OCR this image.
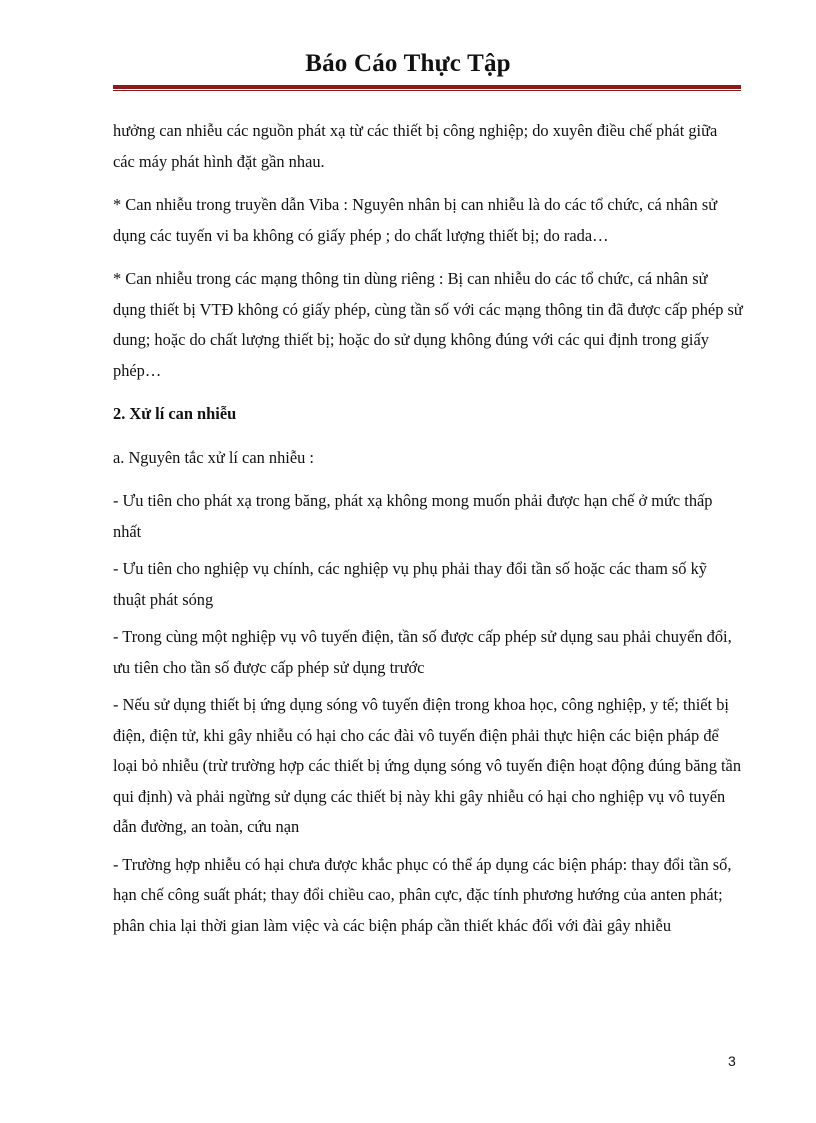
Báo Cáo Thực Tập

hưởng can nhiễu các nguồn phát xạ từ các thiết bị công nghiệp; do xuyên điều chế phát giữa các máy phát hình đặt gần nhau.

* Can nhiễu trong truyền dẫn Viba : Nguyên nhân bị can nhiễu là do các tổ chức, cá nhân sử dụng các tuyến vi ba không có giấy phép ; do chất lượng thiết bị; do rada…

* Can nhiễu trong các mạng thông tin dùng riêng : Bị can nhiễu do các tổ chức, cá nhân sử dụng thiết bị VTĐ không có giấy phép, cùng tần số với các mạng thông tin đã được cấp phép sử dung; hoặc do chất lượng thiết bị; hoặc do sử dụng không đúng với các qui định trong giấy phép…

2. Xử lí can nhiễu

a. Nguyên tắc xử lí can nhiễu :

- Ưu tiên cho phát xạ trong băng, phát xạ không mong muốn phải được hạn chế ở mức thấp nhất

- Ưu tiên cho nghiệp vụ chính, các nghiệp vụ phụ phải thay đổi tần số hoặc các tham số kỹ thuật phát sóng

- Trong cùng một nghiệp vụ vô tuyến điện, tần số được cấp phép sử dụng sau phải chuyển đổi, ưu tiên cho tần số được cấp phép sử dụng trước

- Nếu sử dụng thiết bị ứng dụng sóng vô tuyến điện trong khoa học, công nghiệp, y tế; thiết bị điện, điện tử, khi gây nhiễu có hại cho các đài vô tuyến điện phải thực hiện các biện pháp để loại bỏ nhiễu (trừ trường hợp các thiết bị ứng dụng sóng vô tuyến điện hoạt động đúng băng tần qui định) và phải ngừng sử dụng các thiết bị này khi gây nhiễu có hại cho nghiệp vụ vô tuyến dẫn đường, an toàn, cứu nạn

- Trường hợp nhiễu có hại chưa được khắc phục có thể áp dụng các biện pháp: thay đổi tần số, hạn chế công suất phát; thay đổi chiều cao, phân cực, đặc tính phương hướng của anten phát; phân chia lại thời gian làm việc và các biện pháp cần thiết khác đối với đài gây nhiễu

3
